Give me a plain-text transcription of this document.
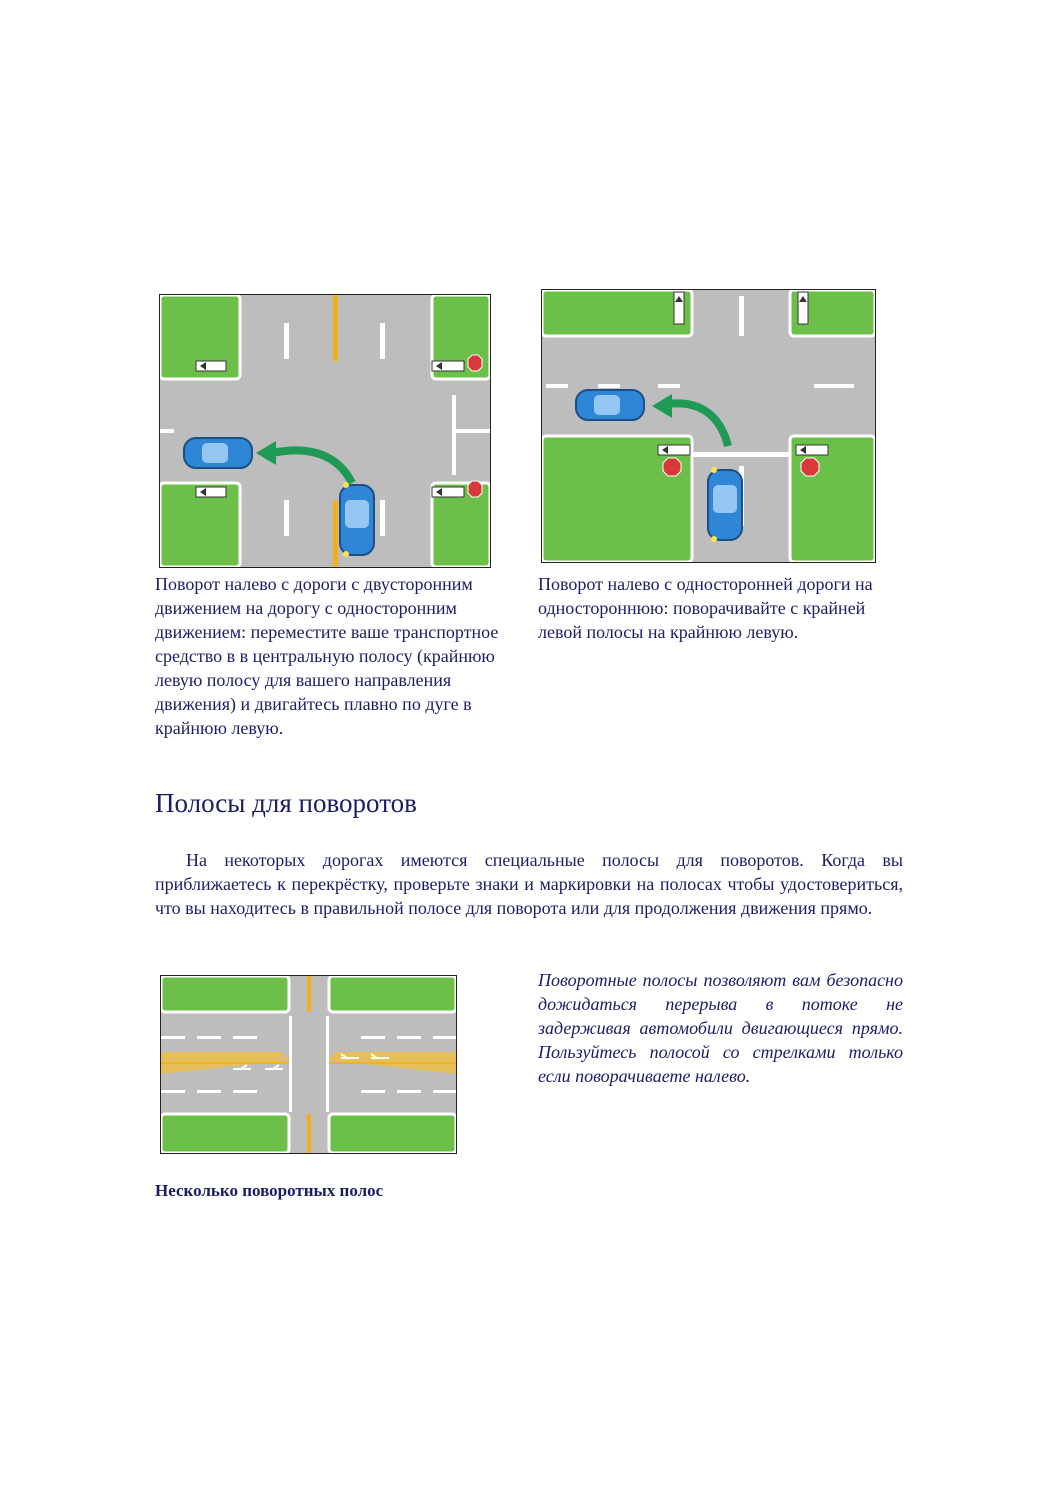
Поворот налево с дороги с двусторонним движением на дорогу с односторонним движением: переместите ваше транспортное средство в в центральную полосу (крайнюю левую полосу для вашего направления движения) и двигайтесь плавно по дуге в крайнюю левую.
Поворот налево с односторонней дороги на одностороннюю: поворачивайте с крайней левой полосы на крайнюю левую.
Полосы для поворотов
На некоторых дорогах имеются специальные полосы для поворотов. Когда вы приближаетесь к перекрёстку, проверьте знаки и маркировки на полосах чтобы удостовериться, что вы находитесь в правильной полосе для поворота или для продолжения движения прямо.
Поворотные полосы позволяют вам безопасно дожидаться перерыва в потоке не задерживая автомобили двигающиеся прямо. Пользуйтесь полосой со стрелками только если поворачиваете налево.
Несколько поворотных полос
